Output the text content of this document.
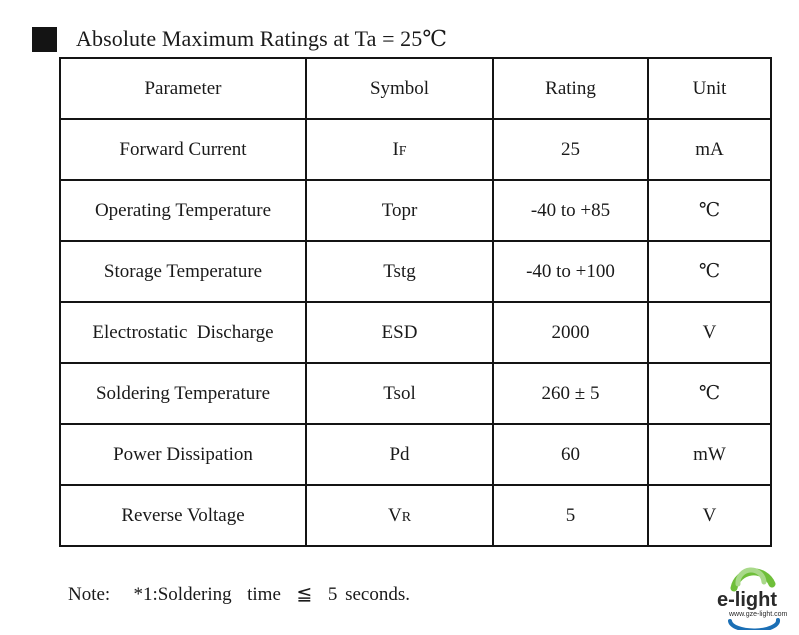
Absolute Maximum Ratings at Ta = 25℃
Parameter	Symbol	Rating	Unit
Forward Current	IF	25	mA
Operating Temperature	Topr	-40 to +85	℃
Storage Temperature	Tstg	-40 to +100	℃
Electrostatic  Discharge	ESD	2000	V
Soldering Temperature	Tsol	260 ± 5	℃
Power Dissipation	Pd	60	mW
Reverse Voltage	VR	5	V
Note:   *1:Soldering  time  ≦  5 seconds.	e-light
www.gze-light.com
